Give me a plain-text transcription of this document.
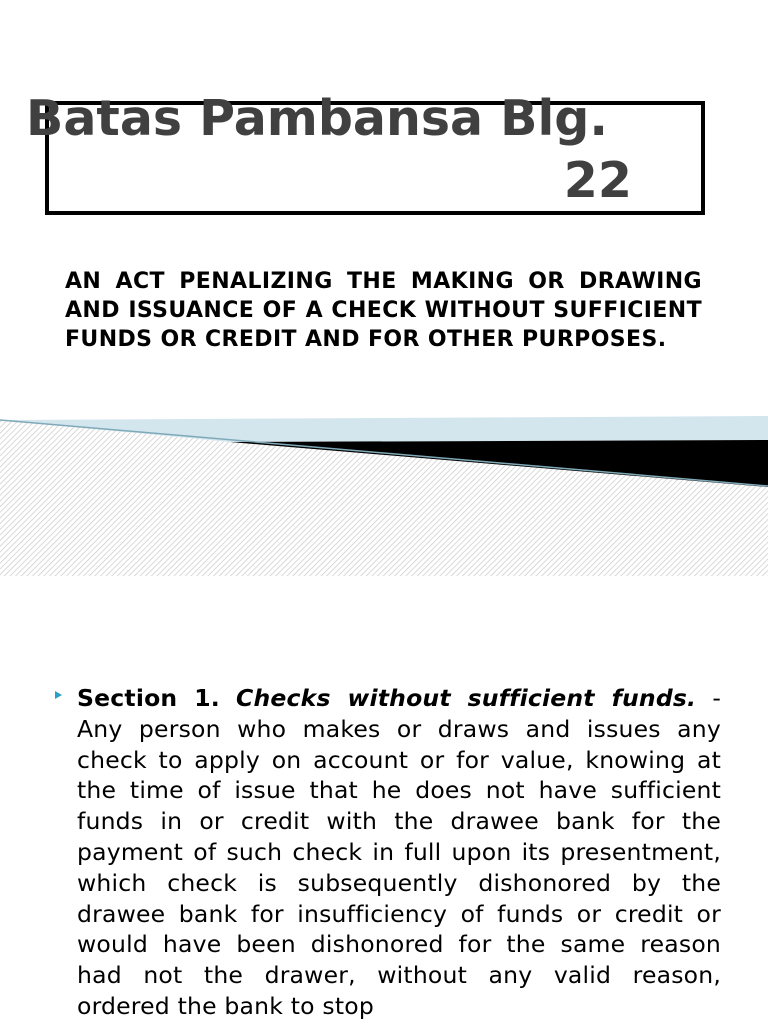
Batas Pambansa Blg.
22
AN ACT PENALIZING THE MAKING OR DRAWING AND ISSUANCE OF A CHECK WITHOUT SUFFICIENT FUNDS OR CREDIT AND FOR OTHER PURPOSES.
Section 1. Checks without sufficient funds. - Any person who makes or draws and issues any check to apply on account or for value, knowing at the time of issue that he does not have sufficient funds in or credit with the drawee bank for the payment of such check in full upon its presentment, which check is subsequently dishonored by the drawee bank for insufficiency of funds or credit or would have been dishonored for the same reason had not the drawer, without any valid reason, ordered the bank to stop
